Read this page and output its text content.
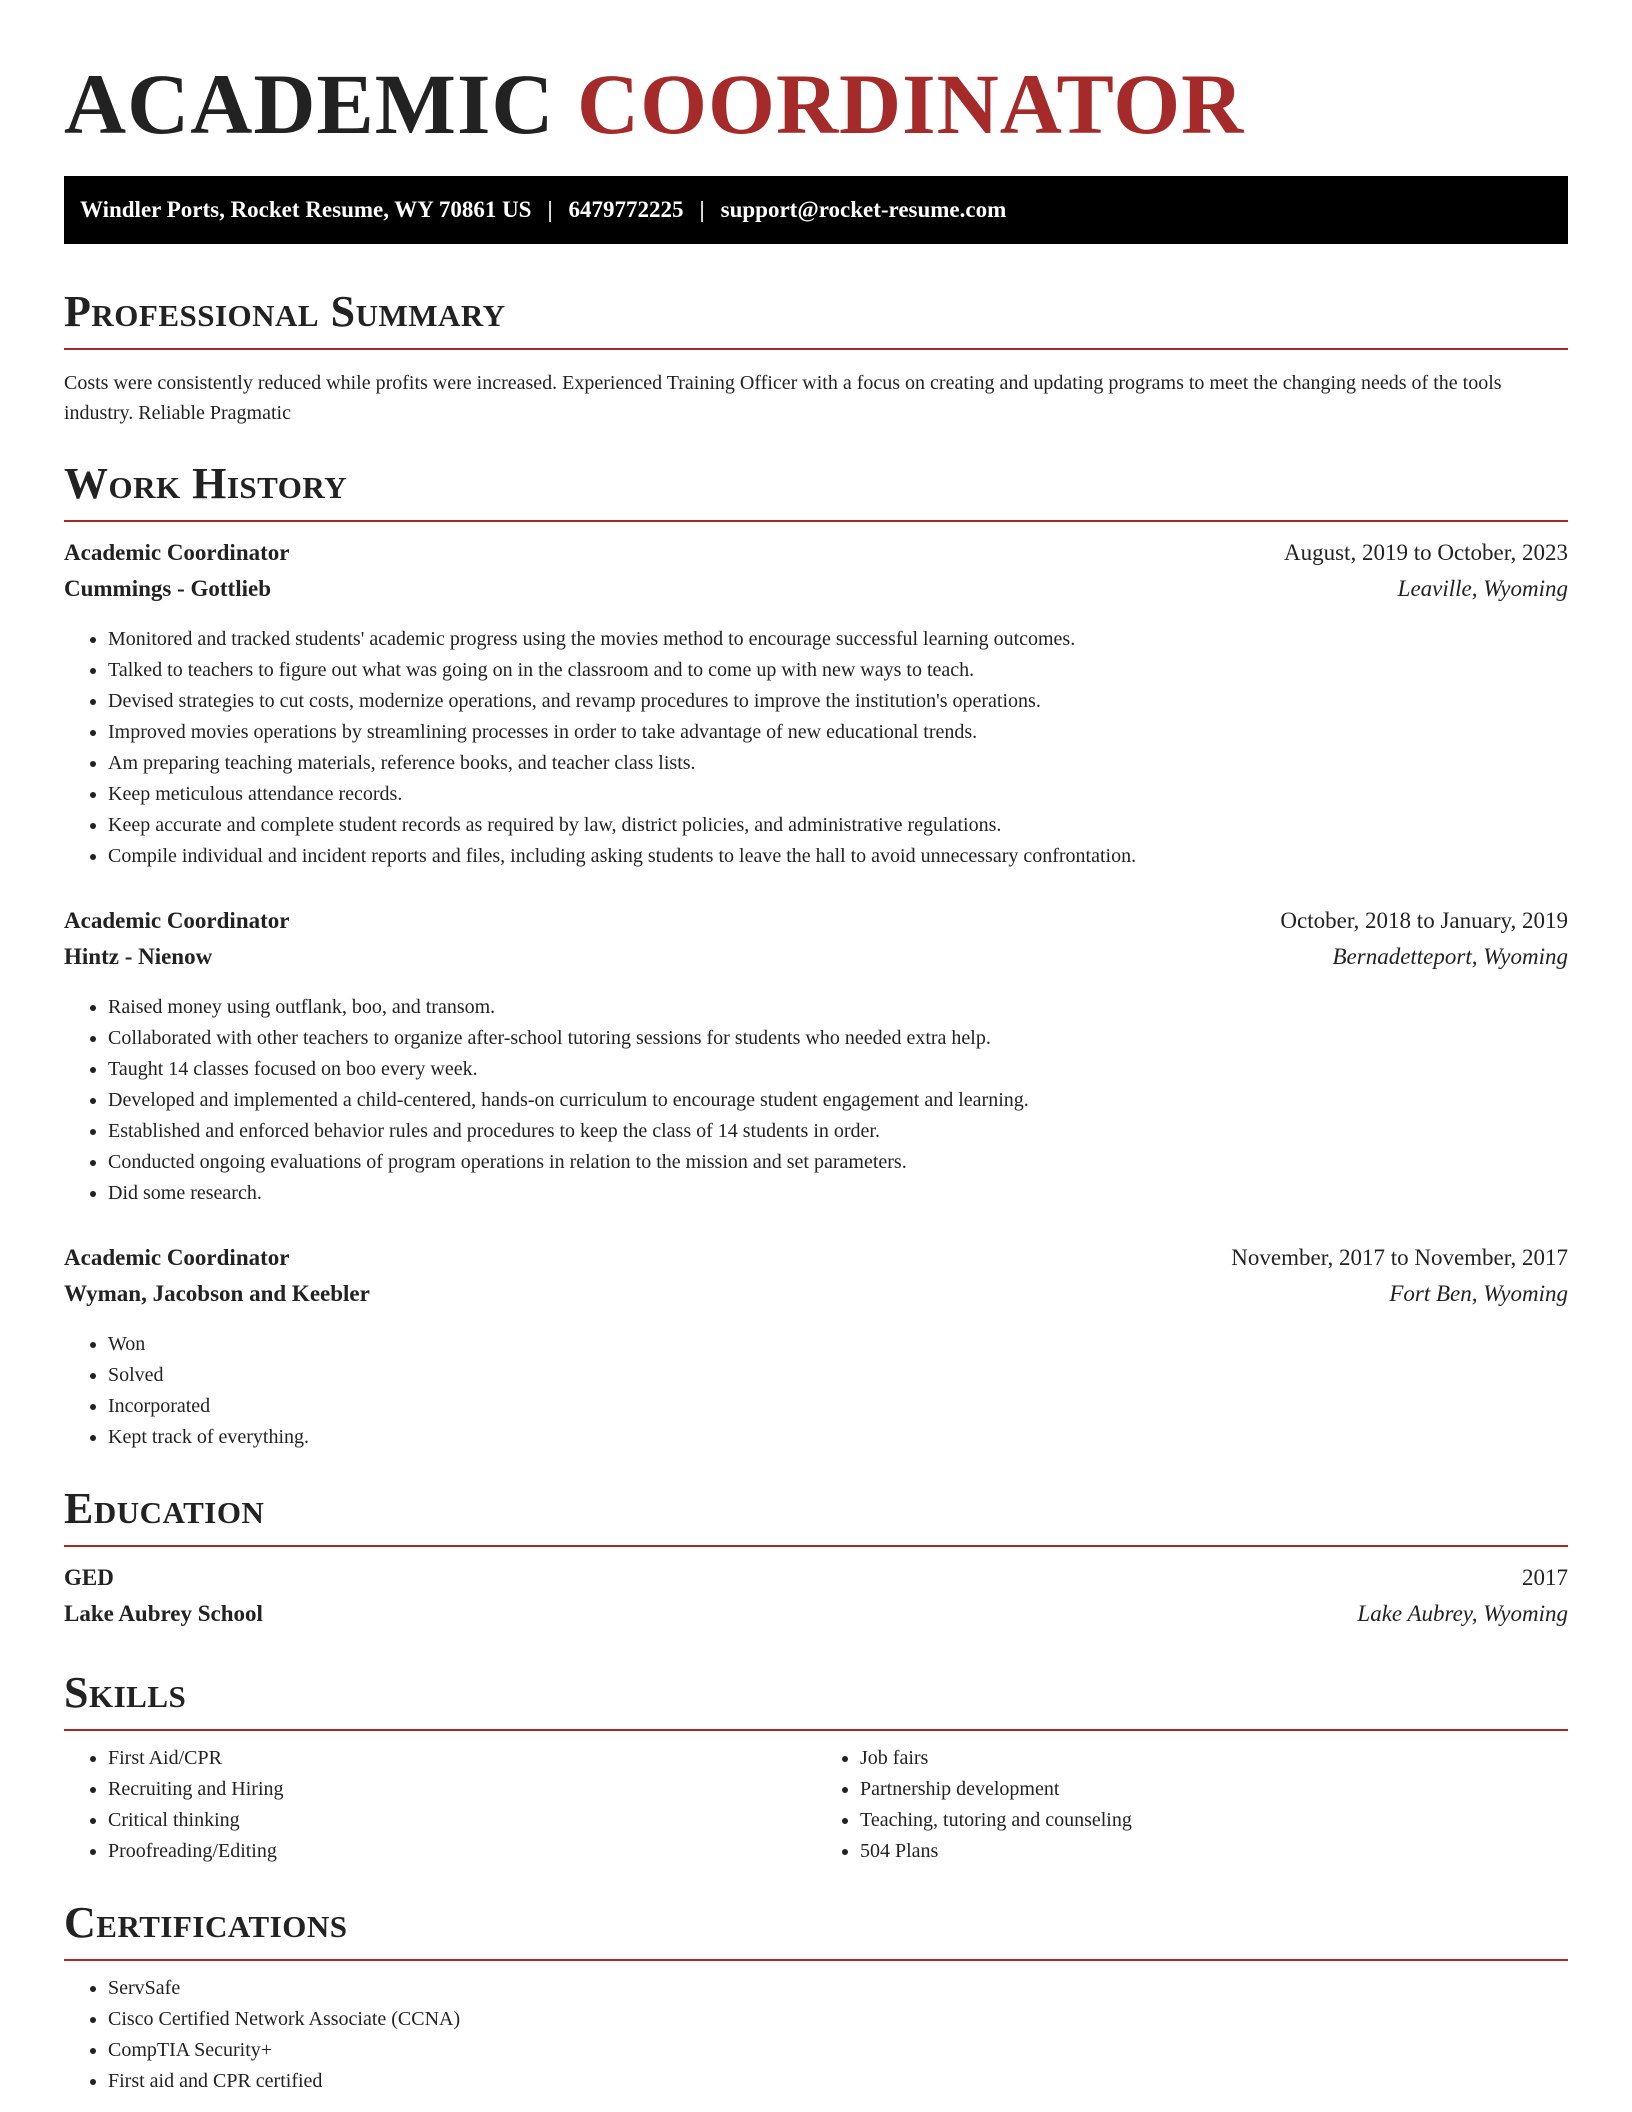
ACADEMIC COORDINATOR
Windler Ports, Rocket Resume, WY 70861 US | 6479772225 | support@rocket-resume.com
Professional Summary

Costs were consistently reduced while profits were increased. Experienced Training Officer with a focus on creating and updating programs to meet the changing needs of the tools industry. Reliable Pragmatic

Work History
Academic Coordinator	August, 2019 to October, 2023
Cummings - Gottlieb	Leaville, Wyoming
• Monitored and tracked students' academic progress using the movies method to encourage successful learning outcomes.
• Talked to teachers to figure out what was going on in the classroom and to come up with new ways to teach.
• Devised strategies to cut costs, modernize operations, and revamp procedures to improve the institution's operations.
• Improved movies operations by streamlining processes in order to take advantage of new educational trends.
• Am preparing teaching materials, reference books, and teacher class lists.
• Keep meticulous attendance records.
• Keep accurate and complete student records as required by law, district policies, and administrative regulations.
• Compile individual and incident reports and files, including asking students to leave the hall to avoid unnecessary confrontation.
Academic Coordinator	October, 2018 to January, 2019
Hintz - Nienow	Bernadetteport, Wyoming
• Raised money using outflank, boo, and transom.
• Collaborated with other teachers to organize after-school tutoring sessions for students who needed extra help.
• Taught 14 classes focused on boo every week.
• Developed and implemented a child-centered, hands-on curriculum to encourage student engagement and learning.
• Established and enforced behavior rules and procedures to keep the class of 14 students in order.
• Conducted ongoing evaluations of program operations in relation to the mission and set parameters.
• Did some research.
Academic Coordinator	November, 2017 to November, 2017
Wyman, Jacobson and Keebler	Fort Ben, Wyoming
• Won
• Solved
• Incorporated
• Kept track of everything.
Education
GED	2017
Lake Aubrey School	Lake Aubrey, Wyoming
Skills
• First Aid/CPR
• Recruiting and Hiring
• Critical thinking
• Proofreading/Editing
• Job fairs
• Partnership development
• Teaching, tutoring and counseling
• 504 Plans
Certifications
• ServSafe
• Cisco Certified Network Associate (CCNA)
• CompTIA Security+
• First aid and CPR certified
